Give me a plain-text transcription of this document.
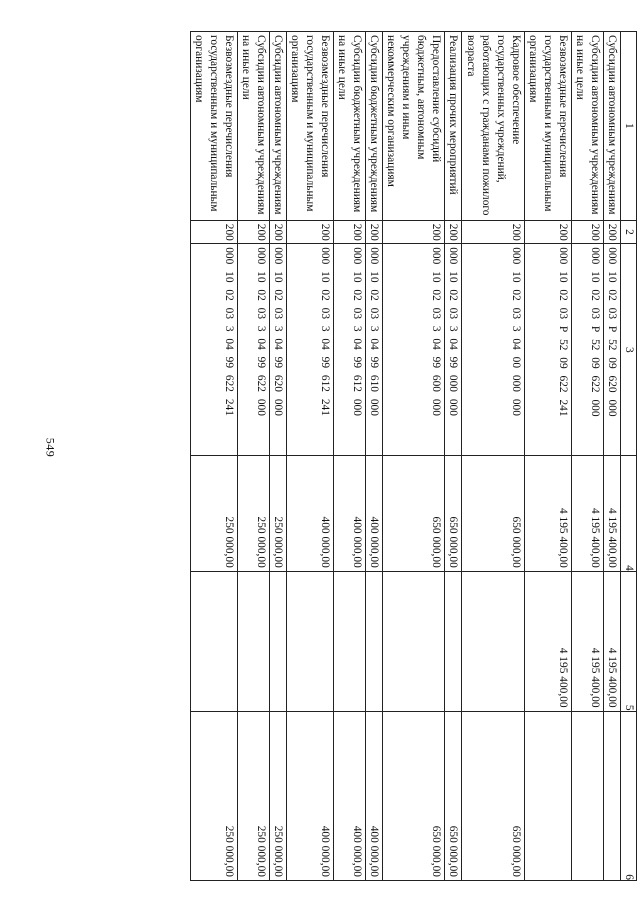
549
1	2	3	4	5	6
Субсидии автономным учреждениям	200	000 10 02 03 Р 52 09 620 000	4 195 400,00	4 195 400,00	
Субсидии автономным учреждениям на иные цели	200	000 10 02 03 Р 52 09 622 000	4 195 400,00	4 195 400,00	
Безвозмездные перечисления государственным и муниципальным организациям	200	000 10 02 03 Р 52 09 622 241	4 195 400,00	4 195 400,00	
Кадровое обеспечение государственных учреждений, работающих с гражданами пожилого возраста	200	000 10 02 03 3 04 00 000 000	650 000,00		650 000,00
Реализация прочих мероприятий	200	000 10 02 03 3 04 99 000 000	650 000,00		650 000,00
Предоставление субсидий бюджетным, автономным учреждениям и иным некоммерческим организациям	200	000 10 02 03 3 04 99 600 000	650 000,00		650 000,00
Субсидии бюджетным учреждениям	200	000 10 02 03 3 04 99 610 000	400 000,00		400 000,00
Субсидии бюджетным учреждениям на иные цели	200	000 10 02 03 3 04 99 612 000	400 000,00		400 000,00
Безвозмездные перечисления государственным и муниципальным организациям	200	000 10 02 03 3 04 99 612 241	400 000,00		400 000,00
Субсидии автономным учреждениям	200	000 10 02 03 3 04 99 620 000	250 000,00		250 000,00
Субсидии автономным учреждениям на иные цели	200	000 10 02 03 3 04 99 622 000	250 000,00		250 000,00
Безвозмездные перечисления государственным и муниципальным организациям	200	000 10 02 03 3 04 99 622 241	250 000,00		250 000,00
